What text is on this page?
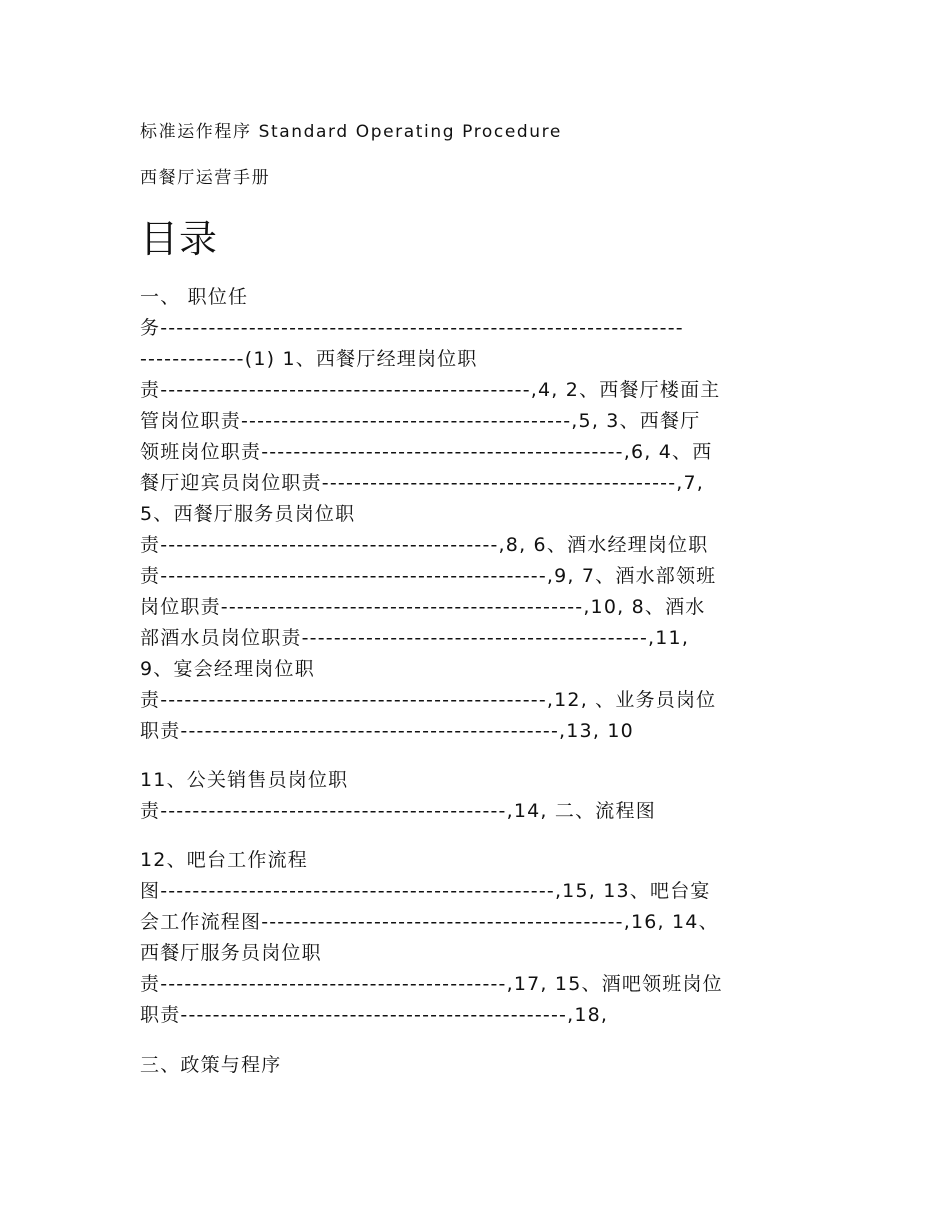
标准运作程序 Standard Operating Procedure
西餐厅运营手册
目录
一、 职位任
务-----------------------------------------------------------------
-------------(1) 1、西餐厅经理岗位职
责----------------------------------------------,4, 2、西餐厅楼面主
管岗位职责-----------------------------------------,5, 3、西餐厅
领班岗位职责---------------------------------------------,6, 4、西
餐厅迎宾员岗位职责--------------------------------------------,7,
5、西餐厅服务员岗位职
责------------------------------------------,8, 6、酒水经理岗位职
责------------------------------------------------,9, 7、酒水部领班
岗位职责---------------------------------------------,10, 8、酒水
部酒水员岗位职责-------------------------------------------,11,
9、宴会经理岗位职
责------------------------------------------------,12, 、业务员岗位
职责-----------------------------------------------,13, 10
11、公关销售员岗位职
责-------------------------------------------,14, 二、流程图
12、吧台工作流程
图-------------------------------------------------,15, 13、吧台宴
会工作流程图---------------------------------------------,16, 14、
西餐厅服务员岗位职
责-------------------------------------------,17, 15、酒吧领班岗位
职责------------------------------------------------,18,
三、政策与程序
